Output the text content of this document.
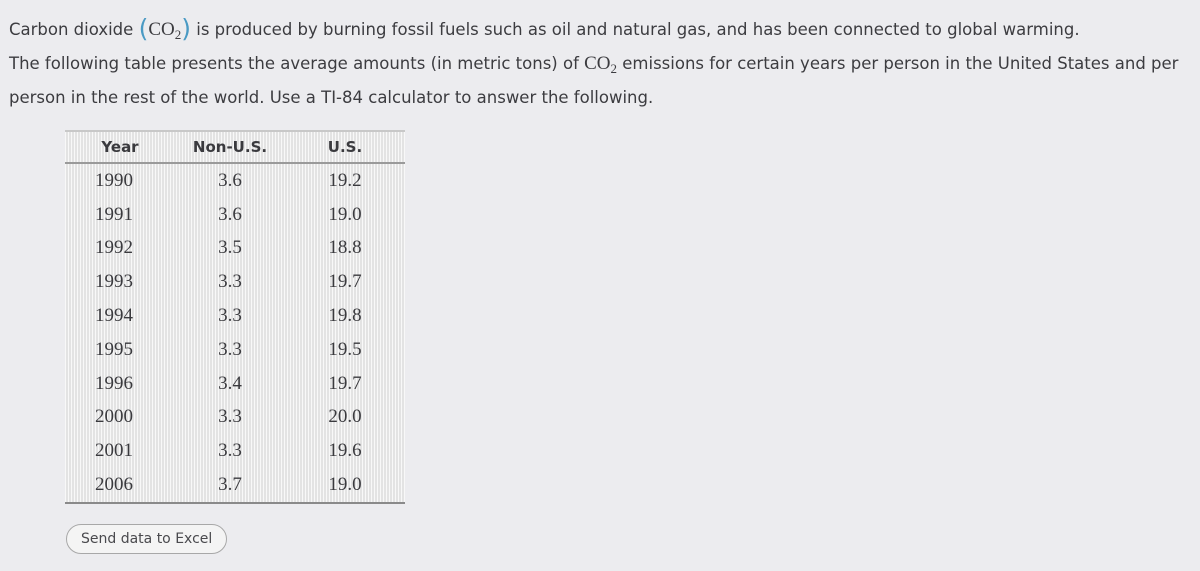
Carbon dioxide $(CO_2)$ is produced by burning fossil fuels such as oil and natural gas, and has been connected to global warming.

The following table presents the average amounts (in metric tons) of $CO_2$ emissions for certain years per person in the United States and per person in the rest of the world. Use a TI-84 calculator to answer the following.

Year	Non-U.S.	U.S.
1990	3.6	19.2
1991	3.6	19.0
1992	3.5	18.8
1993	3.3	19.7
1994	3.3	19.8
1995	3.3	19.5
1996	3.4	19.7
2000	3.3	20.0
2001	3.3	19.6
2006	3.7	19.0
Send data to Excel
